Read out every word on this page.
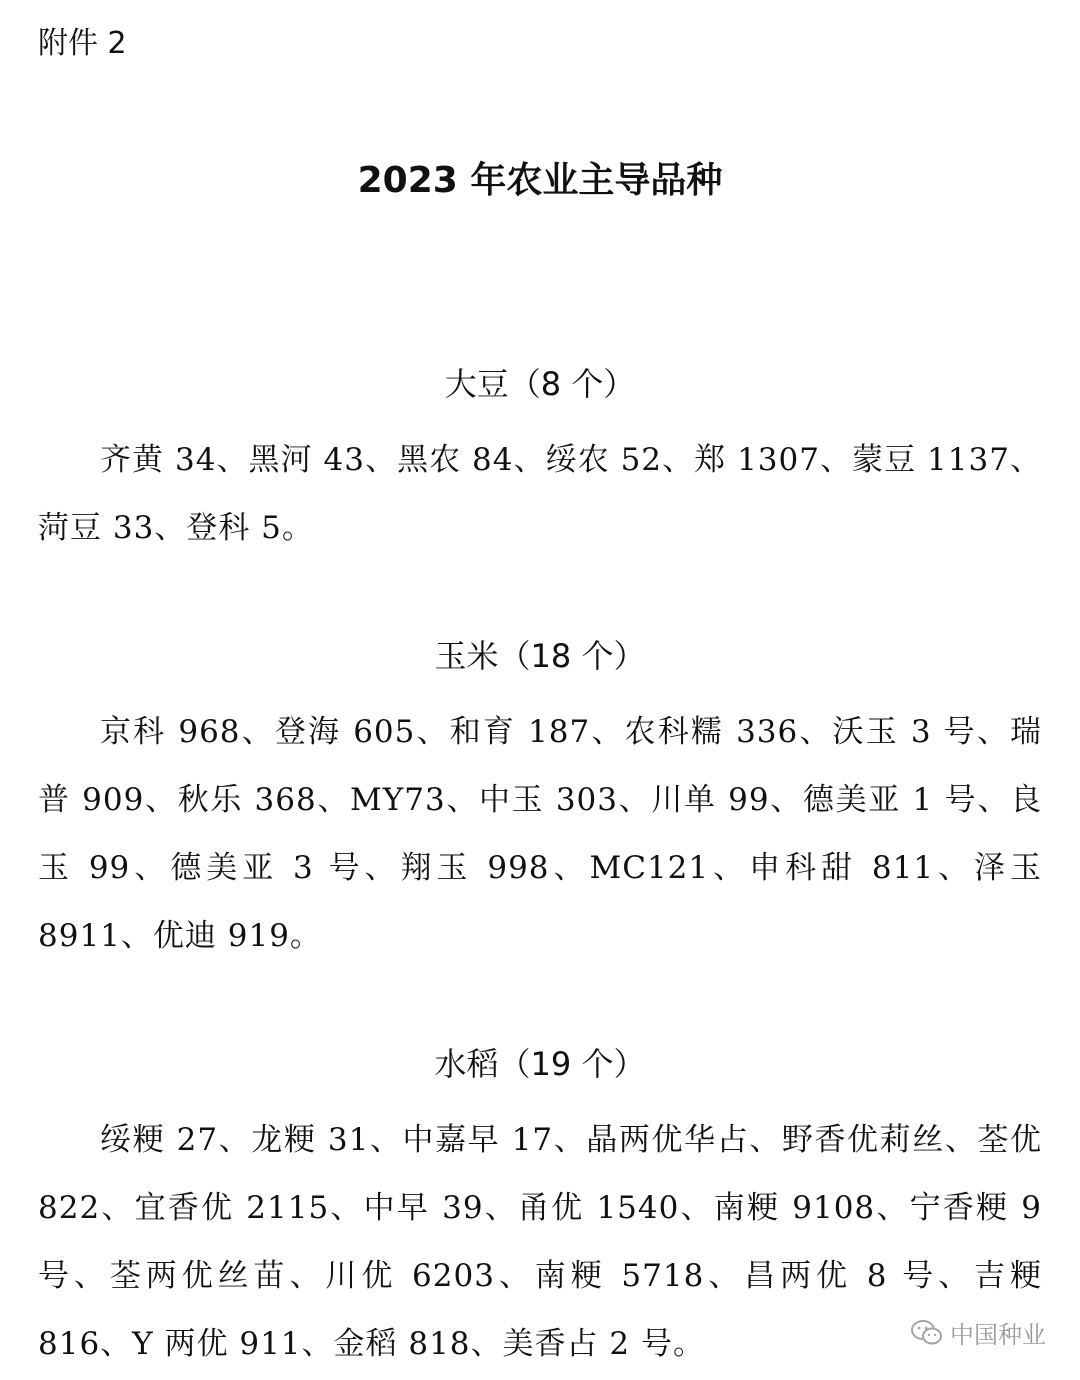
附件 2
2023 年农业主导品种
大豆（8 个）

齐黄 34、黑河 43、黑农 84、绥农 52、郑 1307、蒙豆 1137、菏豆 33、登科 5。

玉米（18 个）

京科 968、登海 605、和育 187、农科糯 336、沃玉 3 号、瑞普 909、秋乐 368、MY73、中玉 303、川单 99、德美亚 1 号、良玉 99、德美亚 3 号、翔玉 998、MC121、申科甜 811、泽玉 8911、优迪 919。

水稻（19 个）

绥粳 27、龙粳 31、中嘉早 17、晶两优华占、野香优莉丝、荃优 822、宜香优 2115、中早 39、甬优 1540、南粳 9108、宁香粳 9 号、荃两优丝苗、川优 6203、南粳 5718、昌两优 8 号、吉粳 816、Y 两优 911、金稻 818、美香占 2 号。	中国种业
